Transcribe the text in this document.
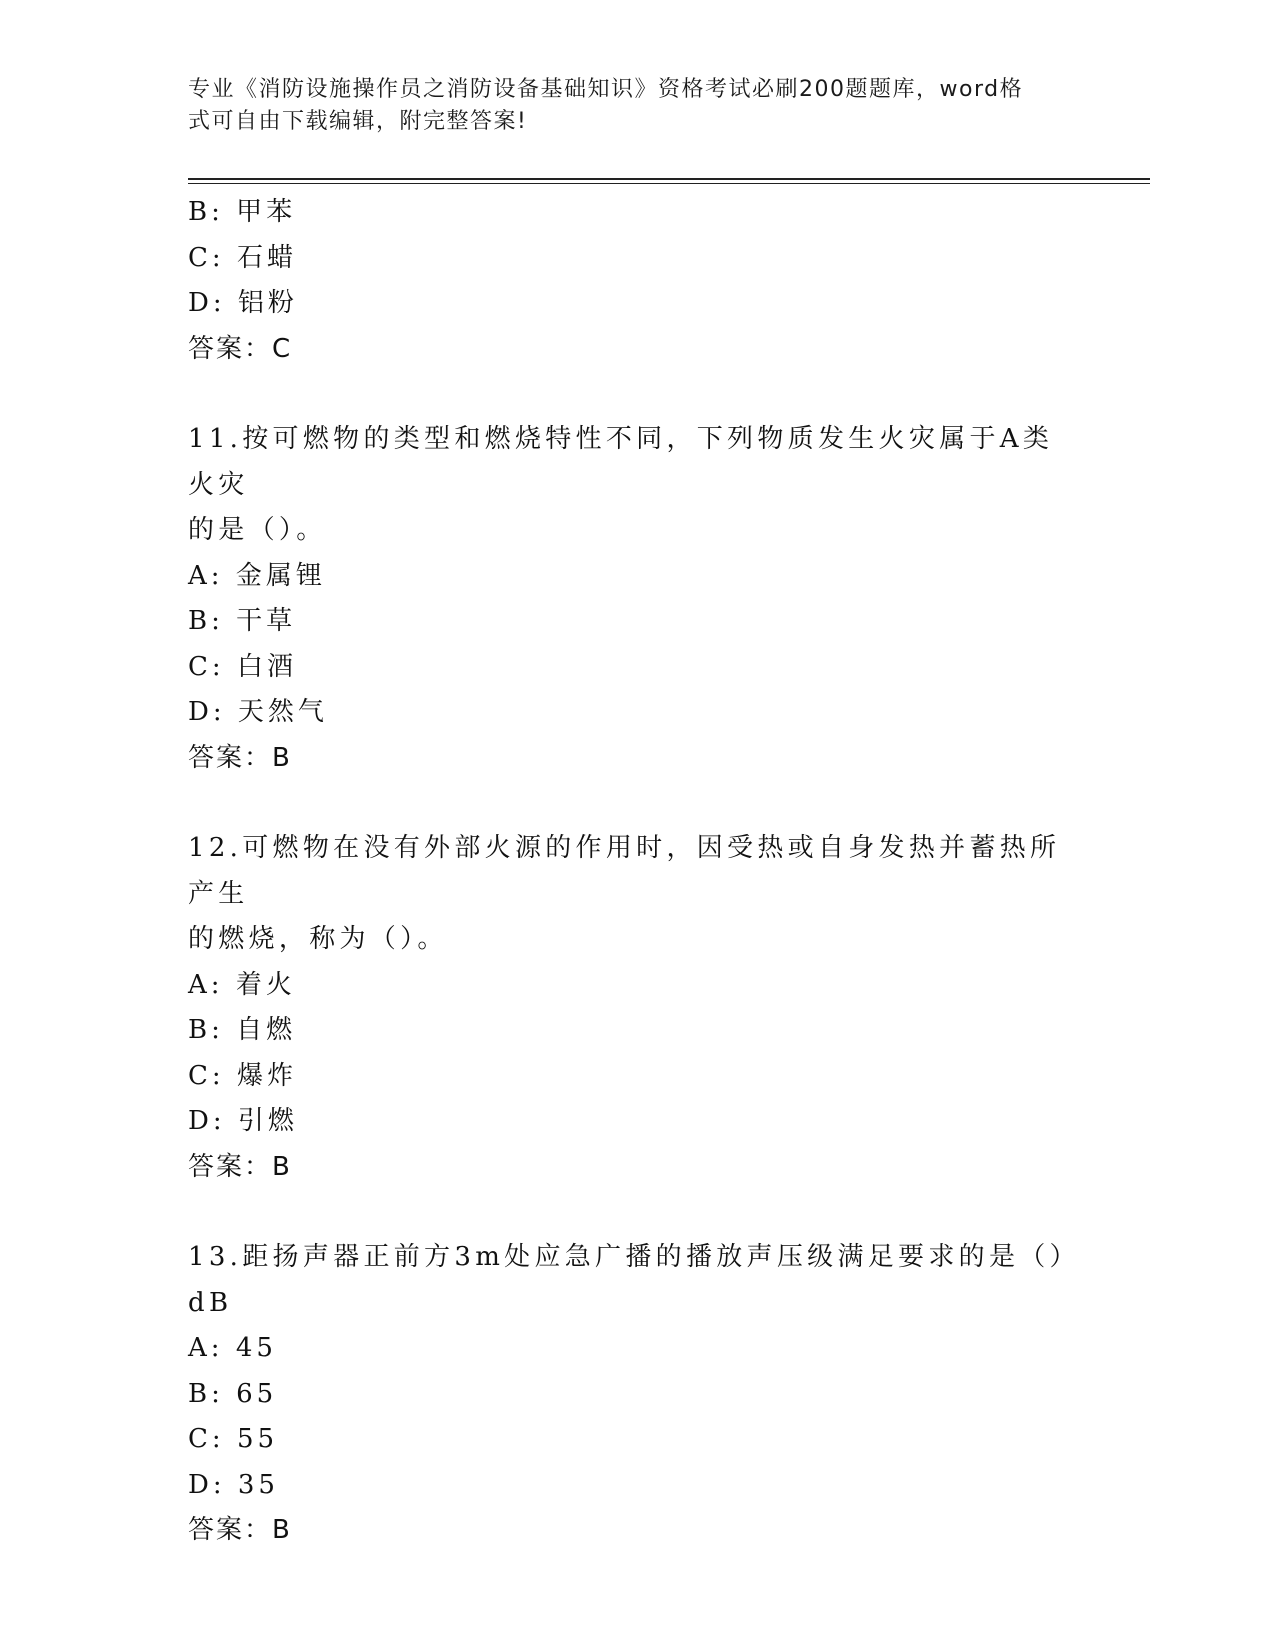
专业《消防设施操作员之消防设备基础知识》资格考试必刷200题题库，word格
式可自由下载编辑，附完整答案!
B: 甲苯
C: 石蜡
D: 铝粉
答案：C
11.按可燃物的类型和燃烧特性不同，下列物质发生火灾属于A类火灾
的是（）。
A: 金属锂
B: 干草
C: 白酒
D: 天然气
答案：B
12.可燃物在没有外部火源的作用时，因受热或自身发热并蓄热所产生
的燃烧，称为（）。
A: 着火
B: 自燃
C: 爆炸
D: 引燃
答案：B
13.距扬声器正前方3m处应急广播的播放声压级满足要求的是（）dB
A: 45
B: 65
C: 55
D: 35
答案：B
